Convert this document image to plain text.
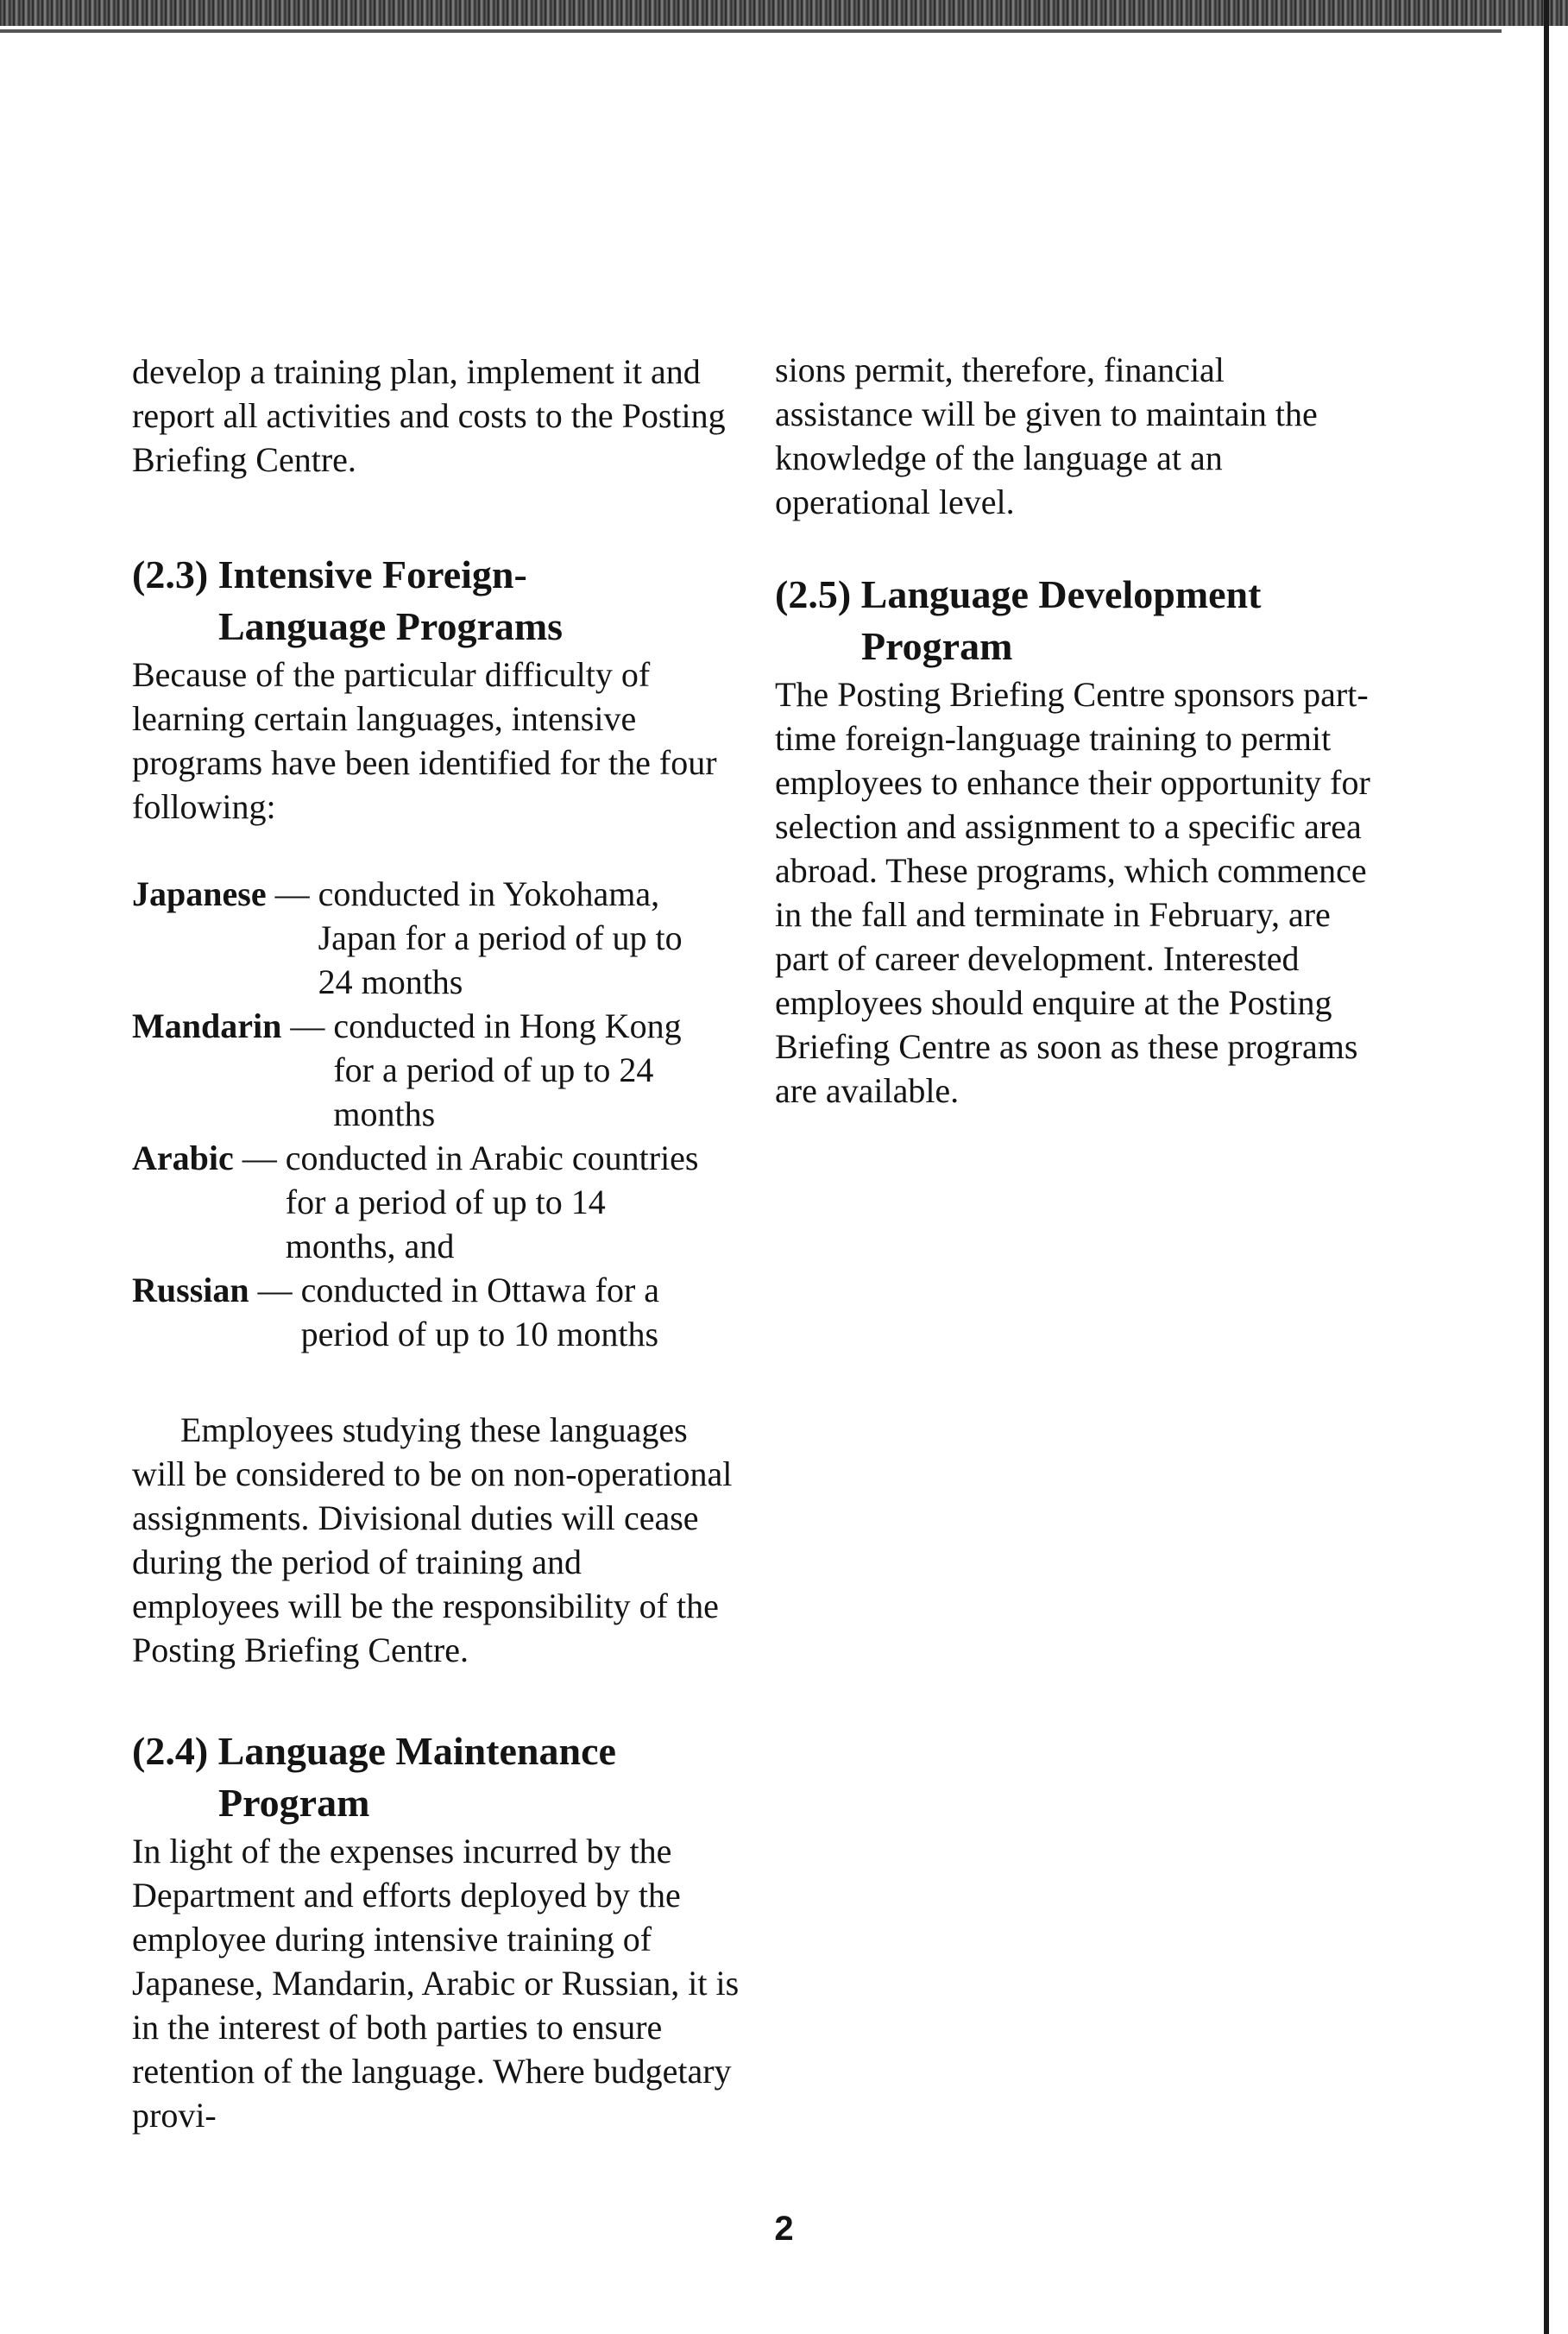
develop a training plan, implement it and report all activities and costs to the Posting Briefing Centre.

(2.3) Intensive Foreign-
Language Programs

Because of the particular difficulty of learning certain languages, intensive programs have been identified for the four following:

Japanese — conducted in Yokohama, Japan for a period of up to 24 months
Mandarin — conducted in Hong Kong for a period of up to 24 months
Arabic — conducted in Arabic countries for a period of up to 14 months, and
Russian — conducted in Ottawa for a period of up to 10 months

Employees studying these languages will be considered to be on non-operational assignments. Divisional duties will cease during the period of training and employees will be the responsibility of the Posting Briefing Centre.

(2.4) Language Maintenance
Program

In light of the expenses incurred by the Department and efforts deployed by the employee during intensive training of Japanese, Mandarin, Arabic or Russian, it is in the interest of both parties to ensure retention of the language. Where budgetary provi-

sions permit, therefore, financial assistance will be given to maintain the knowledge of the language at an operational level.

(2.5) Language Development
Program

The Posting Briefing Centre sponsors part-time foreign-language training to permit employees to enhance their opportunity for selection and assignment to a specific area abroad. These programs, which commence in the fall and terminate in February, are part of career development. Interested employees should enquire at the Posting Briefing Centre as soon as these programs are available.

2
